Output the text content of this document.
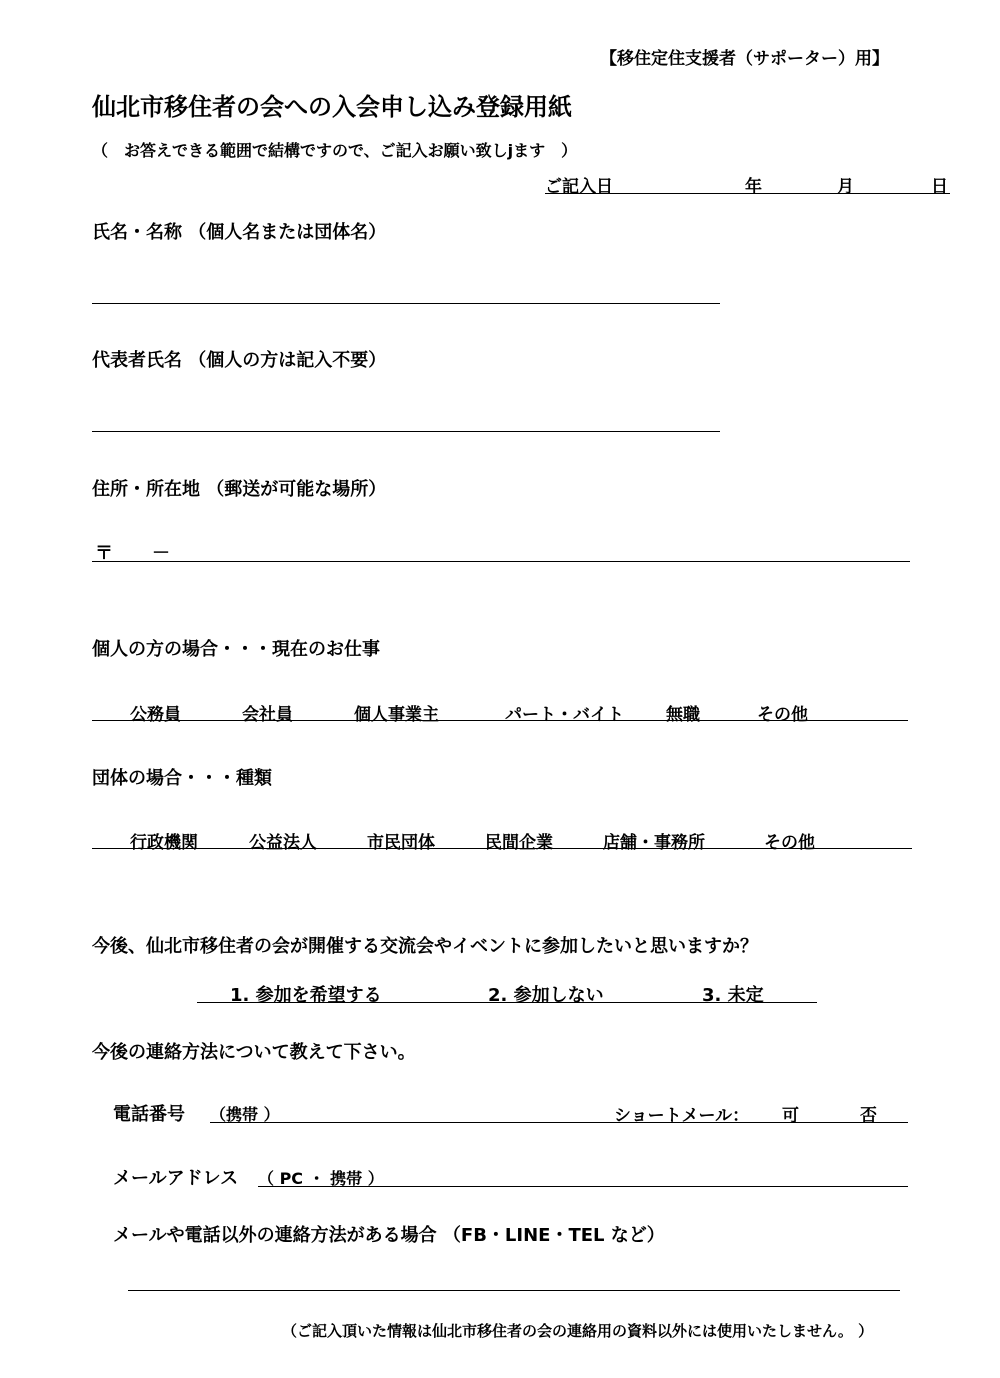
【移住定住支援者（サポーター）用】
仙北市移住者の会への入会申し込み登録用紙
（　お答えできる範囲で結構ですので、ご記入お願い致しjます　）
ご記入日	年	月	日
氏名・名称 （個人名または団体名）
代表者氏名 （個人の方は記入不要）
住所・所在地 （郵送が可能な場所）
〒 －
個人の方の場合・・・現在のお仕事
公務員	会社員	個人事業主	パート・バイト 無職	その他
団体の場合・・・種類
行政機関	公益法人	市民団体	民間企業	店舗・事務所	その他
今後、仙北市移住者の会が開催する交流会やイベントに参加したいと思いますか？
1. 参加を希望する	2. 参加しない	3. 未定
今後の連絡方法について教えて下さい。
電話番号 （携帯 ）	ショートメール： 可	否
メールアドレス （ PC ・ 携帯 ）
メールや電話以外の連絡方法がある場合 （FB・LINE・TEL など）
（ご記入頂いた情報は仙北市移住者の会の連絡用の資料以外には使用いたしません。 ）
